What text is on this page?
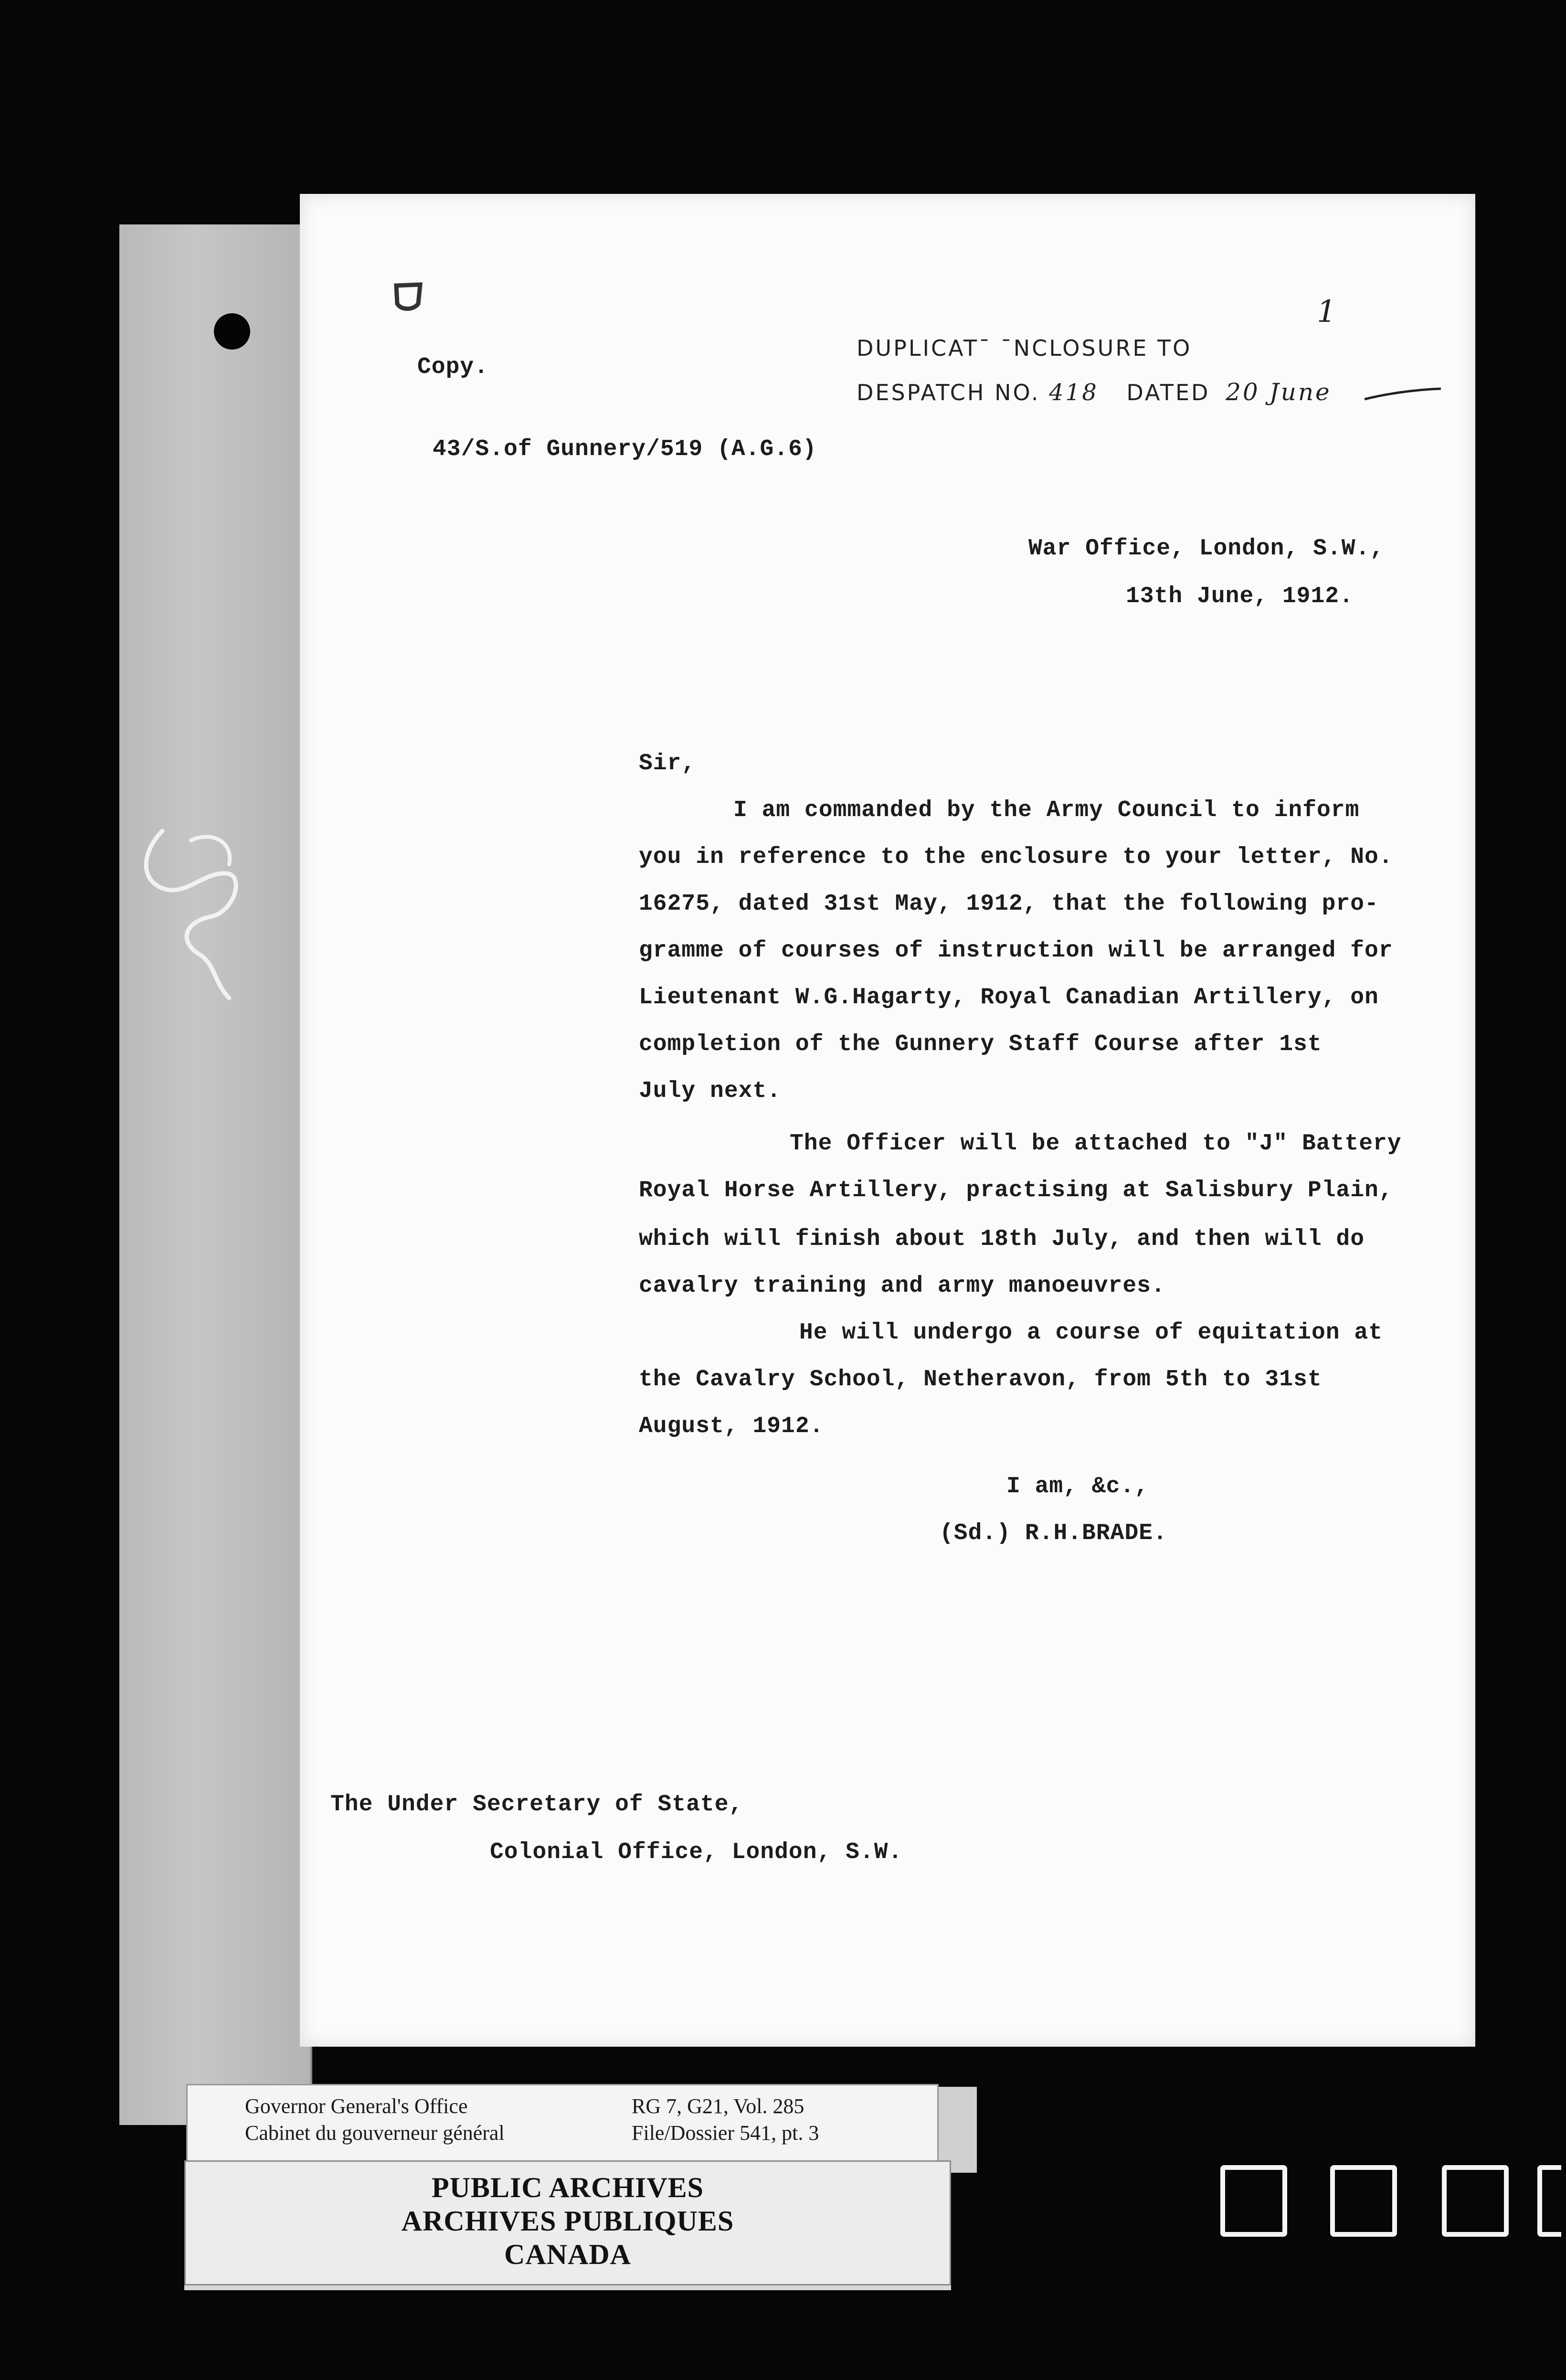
Copy.
DUPLICAT¯ ¯NCLOSURE TO
DESPATCH NO. 418 DATED 20 June
1
43/S.of Gunnery/519 (A.G.6)
War Office, London, S.W.,
13th June, 1912.
Sir,
I am commanded by the Army Council to inform
you in reference to the enclosure to your letter, No.
16275, dated 31st May, 1912, that the following pro-
gramme of courses of instruction will be arranged for
Lieutenant W.G.Hagarty, Royal Canadian Artillery, on
completion of the Gunnery Staff Course after 1st
July next.
The Officer will be attached to "J" Battery
Royal Horse Artillery, practising at Salisbury Plain,
which will finish about 18th July, and then will do
cavalry training and army manoeuvres.
He will undergo a course of equitation at
the Cavalry School, Netheravon, from 5th to 31st
August, 1912.
I am, &c.,
(Sd.) R.H.BRADE.
The Under Secretary of State,
Colonial Office, London, S.W.
Governor General's Office
Cabinet du gouverneur général
RG 7, G21, Vol. 285
File/Dossier 541, pt. 3
PUBLIC ARCHIVES
ARCHIVES PUBLIQUES
CANADA
